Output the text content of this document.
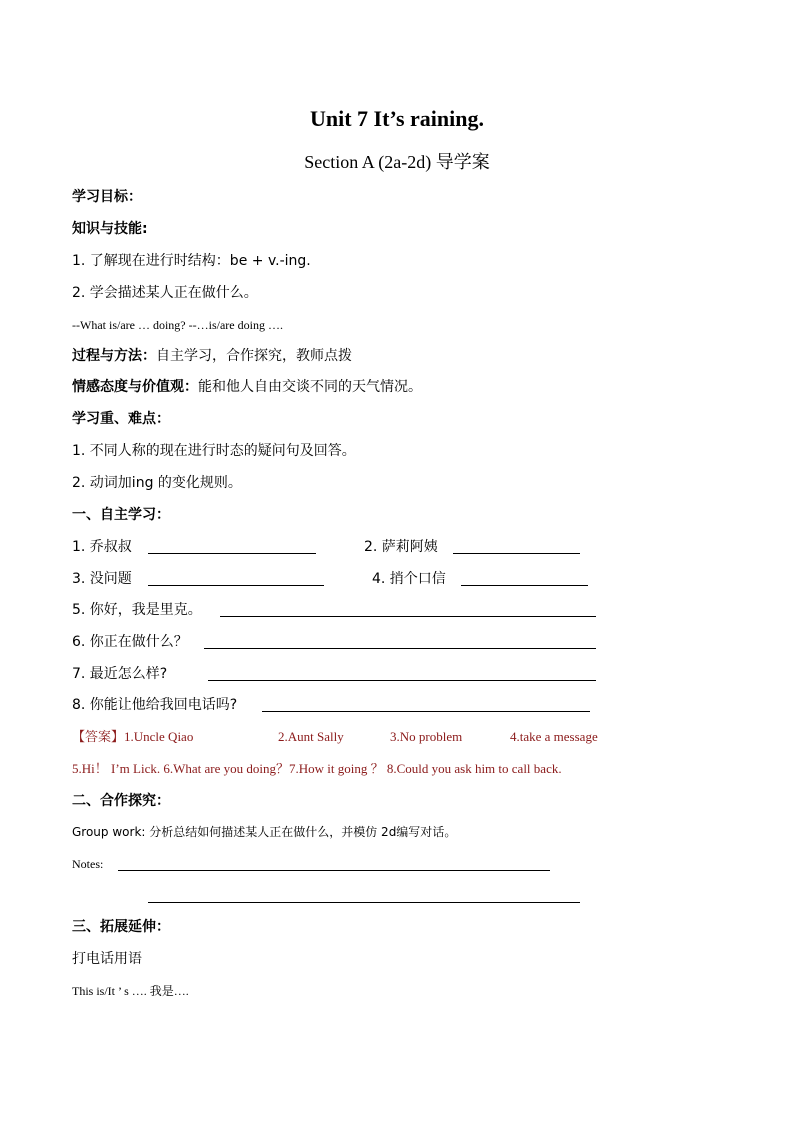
Unit 7 It’s raining.
Section A (2a-2d) 导学案
学习目标：
知识与技能:
1. 了解现在进行时结构：be + v.-ing.
2. 学会描述某人正在做什么。
--What is/are … doing? --…is/are doing ….
过程与方法：自主学习，合作探究，教师点拨
情感态度与价值观：能和他人自由交谈不同的天气情况。
学习重、难点：
1. 不同人称的现在进行时态的疑问句及回答。
2. 动词加ing 的变化规则。
一、自主学习：
1. 乔叔叔	2. 萨莉阿姨
3. 没问题	4. 捎个口信
5. 你好，我是里克。
6. 你正在做什么？
7. 最近怎么样?
8. 你能让他给我回电话吗?
【答案】1.Uncle Qiao	2.Aunt Sally	3.No problem	4.take a message
5.Hi！ I’m Lick. 6.What are you doing？7.How it going ？ 8.Could you ask him to call back.
二、合作探究：
Group work: 分析总结如何描述某人正在做什么，并模仿 2d编写对话。
Notes:
三、拓展延伸：
打电话用语
This is/It ’ s …. 我是….
